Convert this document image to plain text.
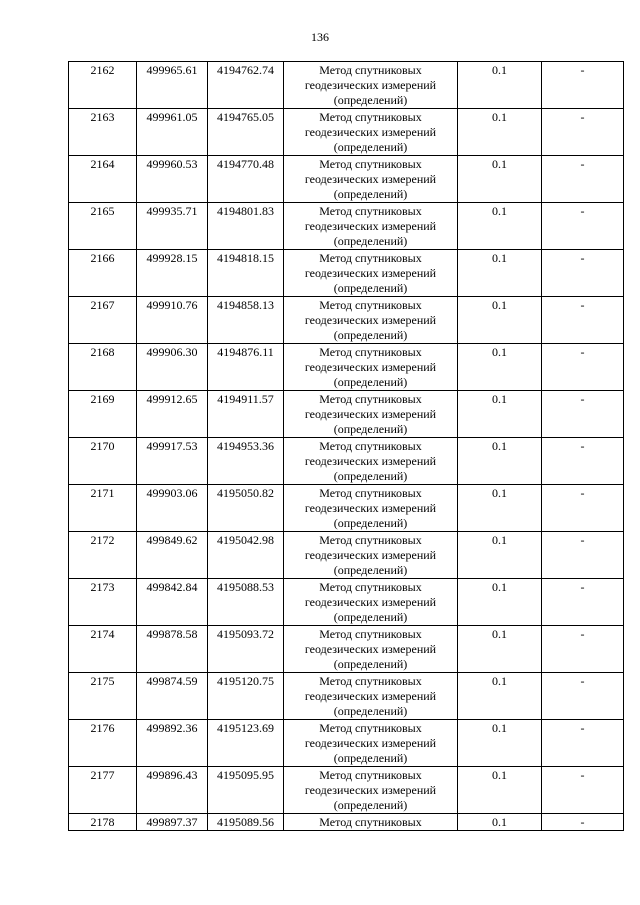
136
2162	499965.61	4194762.74	Метод спутниковых геодезических измерений (определений)	0.1	-
2163	499961.05	4194765.05	Метод спутниковых геодезических измерений (определений)	0.1	-
2164	499960.53	4194770.48	Метод спутниковых геодезических измерений (определений)	0.1	-
2165	499935.71	4194801.83	Метод спутниковых геодезических измерений (определений)	0.1	-
2166	499928.15	4194818.15	Метод спутниковых геодезических измерений (определений)	0.1	-
2167	499910.76	4194858.13	Метод спутниковых геодезических измерений (определений)	0.1	-
2168	499906.30	4194876.11	Метод спутниковых геодезических измерений (определений)	0.1	-
2169	499912.65	4194911.57	Метод спутниковых геодезических измерений (определений)	0.1	-
2170	499917.53	4194953.36	Метод спутниковых геодезических измерений (определений)	0.1	-
2171	499903.06	4195050.82	Метод спутниковых геодезических измерений (определений)	0.1	-
2172	499849.62	4195042.98	Метод спутниковых геодезических измерений (определений)	0.1	-
2173	499842.84	4195088.53	Метод спутниковых геодезических измерений (определений)	0.1	-
2174	499878.58	4195093.72	Метод спутниковых геодезических измерений (определений)	0.1	-
2175	499874.59	4195120.75	Метод спутниковых геодезических измерений (определений)	0.1	-
2176	499892.36	4195123.69	Метод спутниковых геодезических измерений (определений)	0.1	-
2177	499896.43	4195095.95	Метод спутниковых геодезических измерений (определений)	0.1	-
2178	499897.37	4195089.56	Метод спутниковых	0.1	-
